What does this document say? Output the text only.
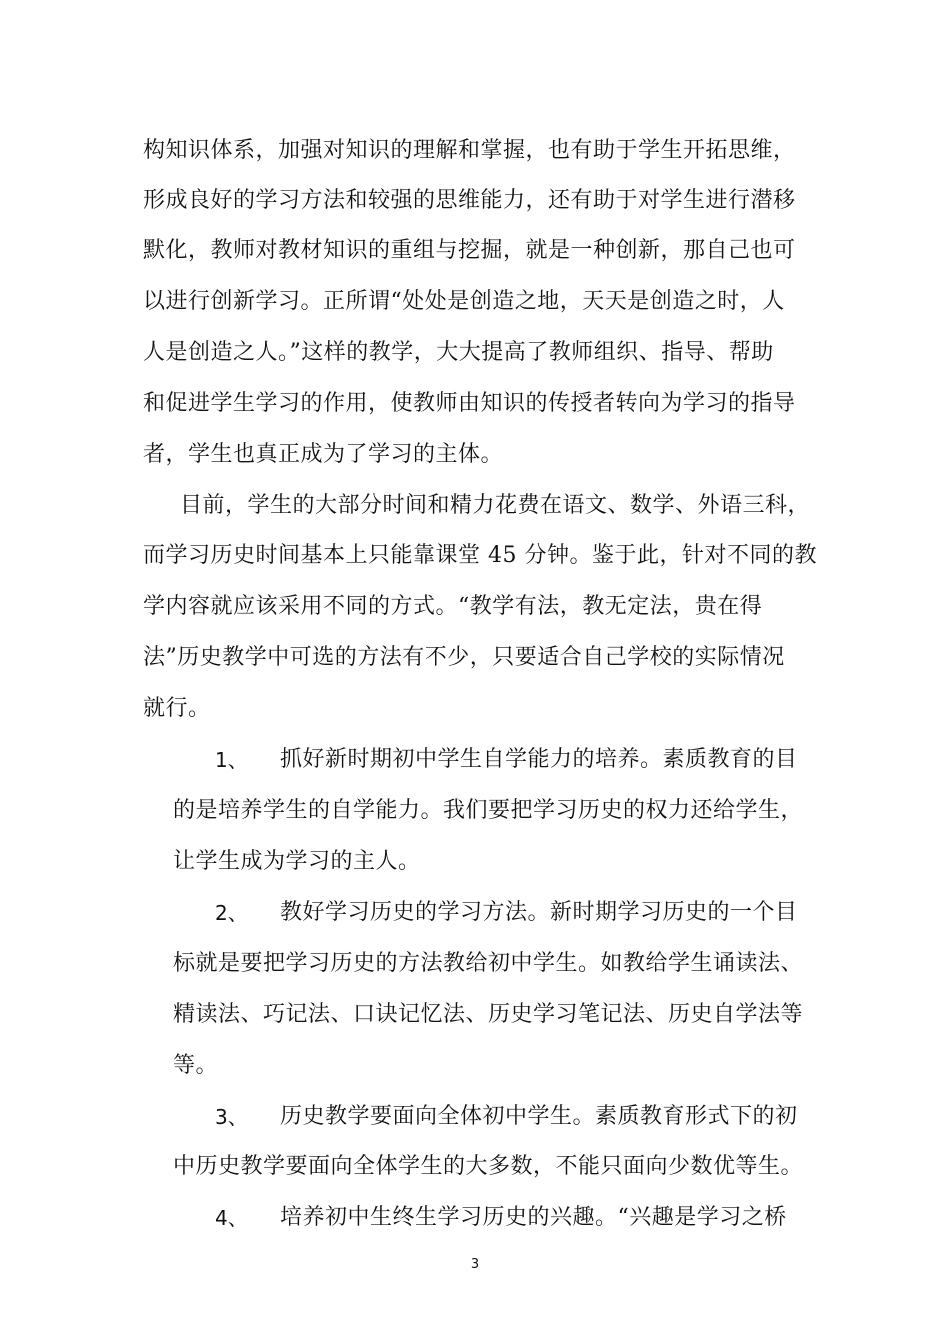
构知识体系，加强对知识的理解和掌握，也有助于学生开拓思维，
形成良好的学习方法和较强的思维能力，还有助于对学生进行潜移
默化，教师对教材知识的重组与挖掘，就是一种创新，那自己也可
以进行创新学习。正所谓“处处是创造之地，天天是创造之时，人
人是创造之人。”这样的教学，大大提高了教师组织、指导、帮助
和促进学生学习的作用，使教师由知识的传授者转向为学习的指导
者，学生也真正成为了学习的主体。
目前，学生的大部分时间和精力花费在语文、数学、外语三科，
而学习历史时间基本上只能靠课堂 45 分钟。鉴于此，针对不同的教
学内容就应该采用不同的方式。“教学有法，教无定法，贵在得
法”历史教学中可选的方法有不少，只要适合自己学校的实际情况
就行。
1、 抓好新时期初中学生自学能力的培养。素质教育的目
的是培养学生的自学能力。我们要把学习历史的权力还给学生，
让学生成为学习的主人。
2、 教好学习历史的学习方法。新时期学习历史的一个目
标就是要把学习历史的方法教给初中学生。如教给学生诵读法、
精读法、巧记法、口诀记忆法、历史学习笔记法、历史自学法等
等。
3、 历史教学要面向全体初中学生。素质教育形式下的初
中历史教学要面向全体学生的大多数，不能只面向少数优等生。
4、 培养初中生终生学习历史的兴趣。“兴趣是学习之桥
3
